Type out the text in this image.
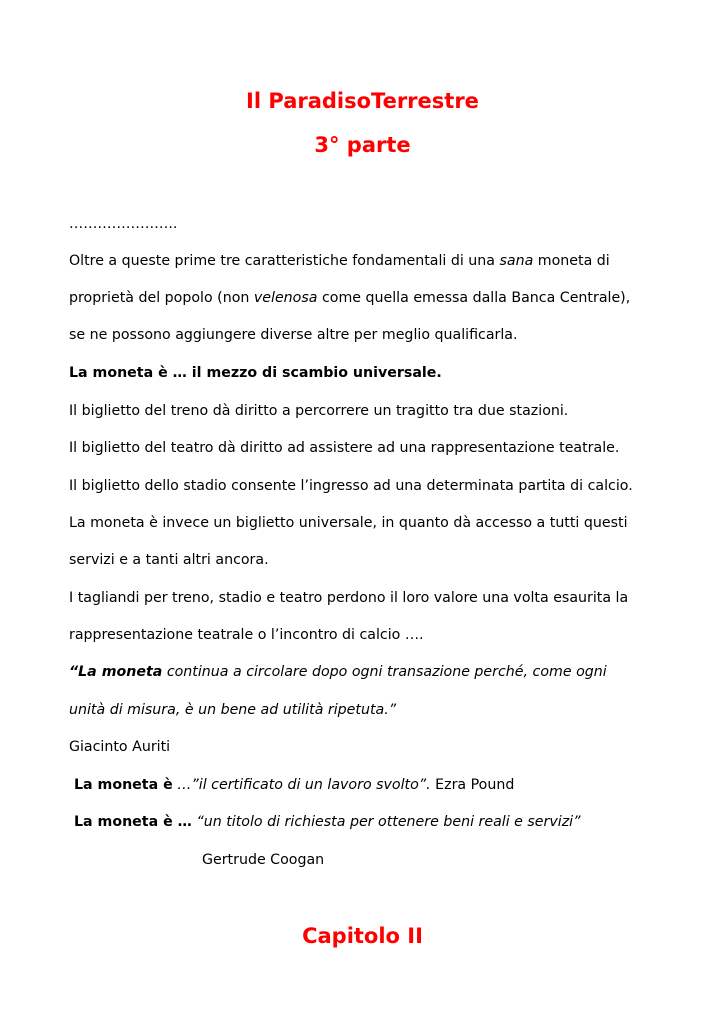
Il ParadisoTerrestre
3° parte

…………………..

Oltre a queste prime tre caratteristiche fondamentali di una sana moneta di

proprietà del popolo (non velenosa come quella emessa dalla Banca Centrale),

se ne possono aggiungere diverse altre per meglio qualificarla.

La moneta è … il mezzo di scambio universale.

Il biglietto del treno dà diritto a percorrere un tragitto tra due stazioni.

Il biglietto del teatro dà diritto ad assistere ad una rappresentazione teatrale.

Il biglietto dello stadio consente l’ingresso ad una determinata partita di calcio.

La moneta è invece un biglietto universale, in quanto dà accesso a tutti questi

servizi e a tanti altri ancora.

I tagliandi per treno, stadio e teatro perdono il loro valore una volta esaurita la

rappresentazione teatrale o l’incontro di calcio ….

“La moneta continua a circolare dopo ogni transazione perché, come ogni

unità di misura, è un bene ad utilità ripetuta.”

Giacinto Auriti

La moneta è …”il certificato di un lavoro svolto”. Ezra Pound

La moneta è … “un titolo di richiesta per ottenere beni reali e servizi”

Gertrude Coogan

Capitolo II
